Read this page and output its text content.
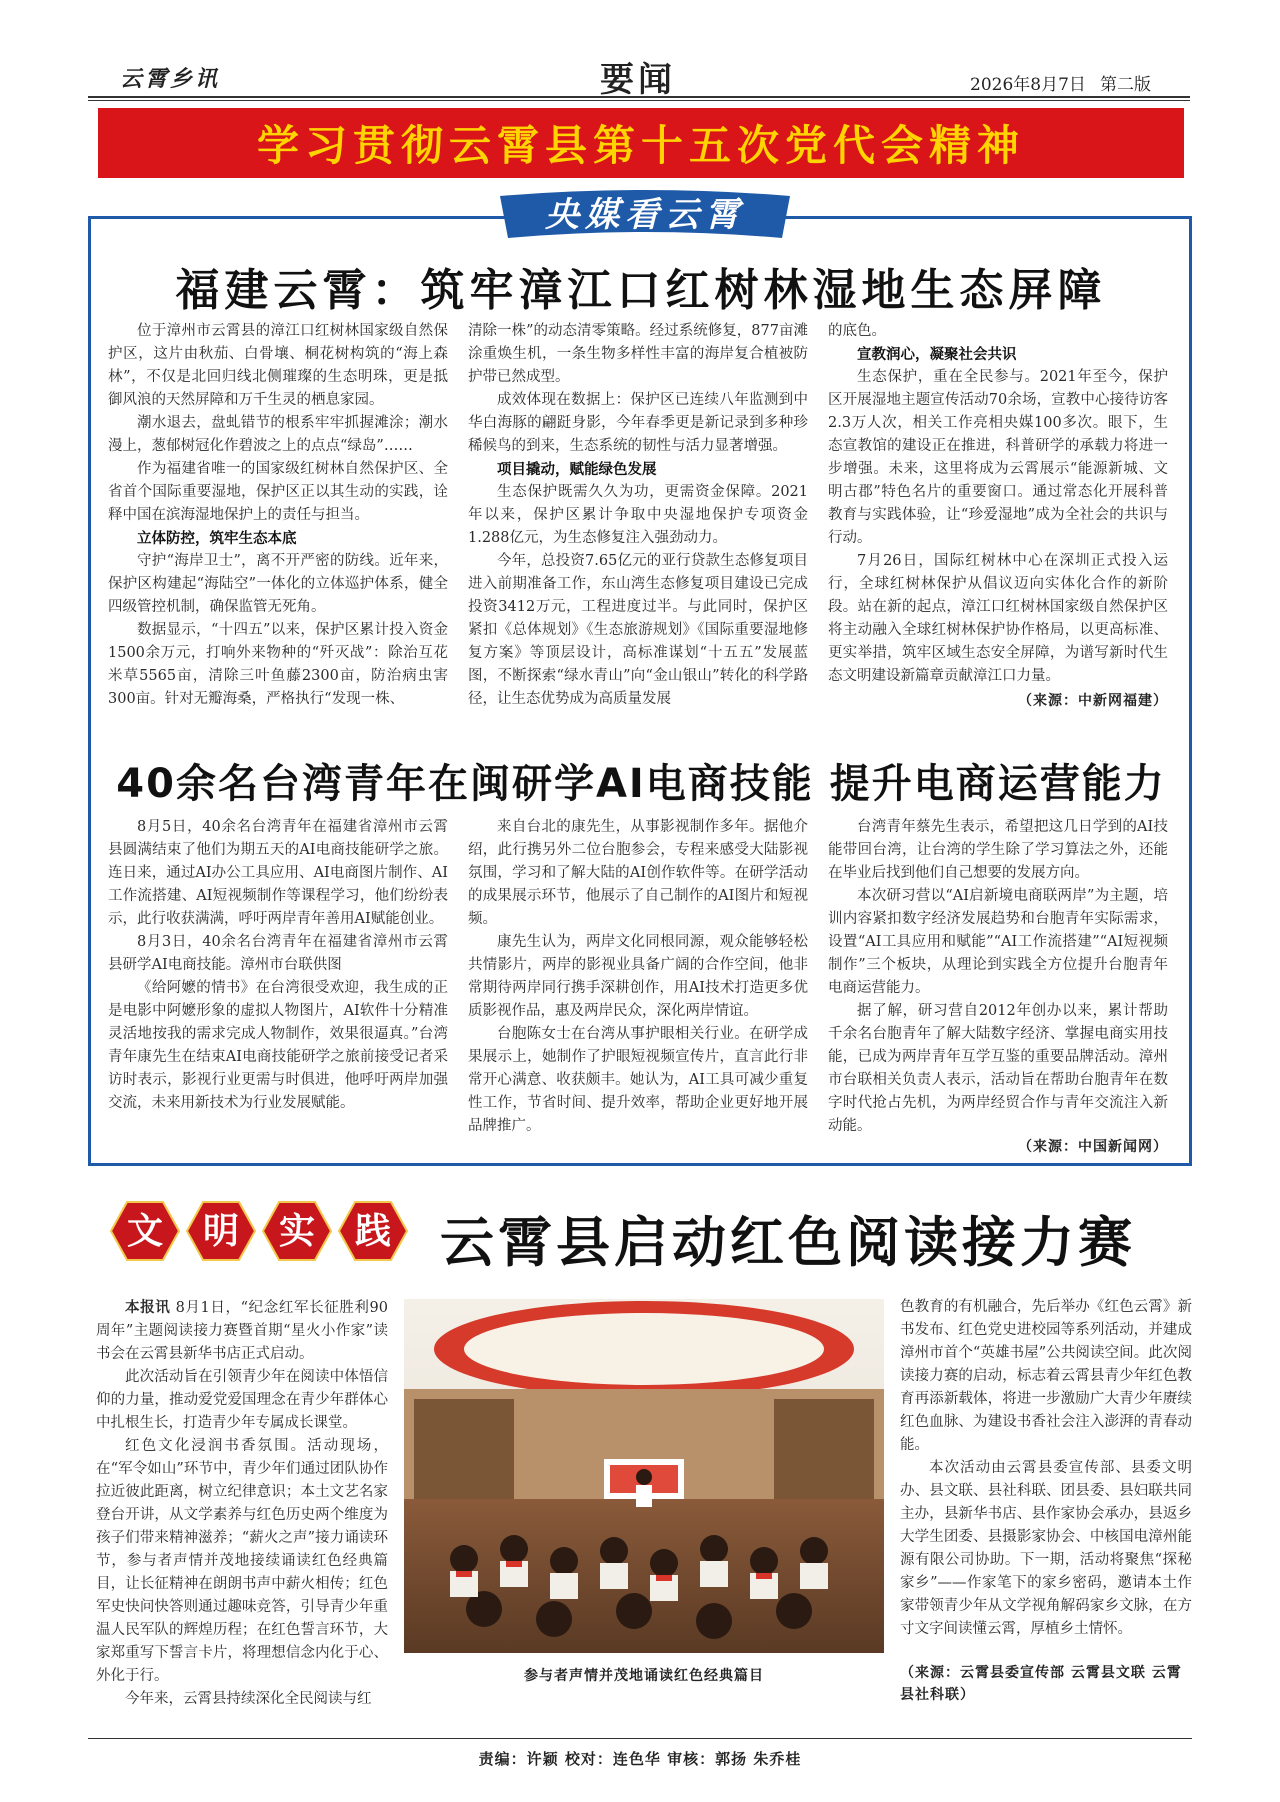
云霄乡讯	要闻	2026年8月7日 第二版
学习贯彻云霄县第十五次党代会精神
央媒看云霄
福建云霄：筑牢漳江口红树林湿地生态屏障

位于漳州市云霄县的漳江口红树林国家级自然保护区，这片由秋茄、白骨壤、桐花树构筑的“海上森林”，不仅是北回归线北侧璀璨的生态明珠，更是抵御风浪的天然屏障和万千生灵的栖息家园。

潮水退去，盘虬错节的根系牢牢抓握滩涂；潮水漫上，葱郁树冠化作碧波之上的点点“绿岛”……

作为福建省唯一的国家级红树林自然保护区、全省首个国际重要湿地，保护区正以其生动的实践，诠释中国在滨海湿地保护上的责任与担当。

立体防控，筑牢生态本底

守护“海岸卫士”，离不开严密的防线。近年来，保护区构建起“海陆空”一体化的立体巡护体系，健全四级管控机制，确保监管无死角。

数据显示，“十四五”以来，保护区累计投入资金1500余万元，打响外来物种的“歼灭战”：除治互花米草5565亩，清除三叶鱼藤2300亩，防治病虫害300亩。针对无瓣海桑，严格执行“发现一株、

清除一株”的动态清零策略。经过系统修复，877亩滩涂重焕生机，一条生物多样性丰富的海岸复合植被防护带已然成型。

成效体现在数据上：保护区已连续八年监测到中华白海豚的翩跹身影，今年春季更是新记录到多种珍稀候鸟的到来，生态系统的韧性与活力显著增强。

项目撬动，赋能绿色发展

生态保护既需久久为功，更需资金保障。2021年以来，保护区累计争取中央湿地保护专项资金1.288亿元，为生态修复注入强劲动力。

今年，总投资7.65亿元的亚行贷款生态修复项目进入前期准备工作，东山湾生态修复项目建设已完成投资3412万元，工程进度过半。与此同时，保护区紧扣《总体规划》《生态旅游规划》《国际重要湿地修复方案》等顶层设计，高标准谋划“十五五”发展蓝图，不断探索“绿水青山”向“金山银山”转化的科学路径，让生态优势成为高质量发展

的底色。

宣教润心，凝聚社会共识

生态保护，重在全民参与。2021年至今，保护区开展湿地主题宣传活动70余场，宣教中心接待访客2.3万人次，相关工作亮相央媒100多次。眼下，生态宣教馆的建设正在推进，科普研学的承载力将进一步增强。未来，这里将成为云霄展示“能源新城、文明古郡”特色名片的重要窗口。通过常态化开展科普教育与实践体验，让“珍爱湿地”成为全社会的共识与行动。

7月26日，国际红树林中心在深圳正式投入运行，全球红树林保护从倡议迈向实体化合作的新阶段。站在新的起点，漳江口红树林国家级自然保护区将主动融入全球红树林保护协作格局，以更高标准、更实举措，筑牢区域生态安全屏障，为谱写新时代生态文明建设新篇章贡献漳江口力量。

（来源：中新网福建）
40余名台湾青年在闽研学AI电商技能 提升电商运营能力

8月5日，40余名台湾青年在福建省漳州市云霄县圆满结束了他们为期五天的AI电商技能研学之旅。连日来，通过AI办公工具应用、AI电商图片制作、AI工作流搭建、AI短视频制作等课程学习，他们纷纷表示，此行收获满满，呼吁两岸青年善用AI赋能创业。

8月3日，40余名台湾青年在福建省漳州市云霄县研学AI电商技能。漳州市台联供图

《给阿嬷的情书》在台湾很受欢迎，我生成的正是电影中阿嬷形象的虚拟人物图片，AI软件十分精准灵活地按我的需求完成人物制作，效果很逼真。”台湾青年康先生在结束AI电商技能研学之旅前接受记者采访时表示，影视行业更需与时俱进，他呼吁两岸加强交流，未来用新技术为行业发展赋能。

来自台北的康先生，从事影视制作多年。据他介绍，此行携另外二位台胞参会，专程来感受大陆影视氛围，学习和了解大陆的AI创作软件等。在研学活动的成果展示环节，他展示了自己制作的AI图片和短视频。

康先生认为，两岸文化同根同源，观众能够轻松共情影片，两岸的影视业具备广阔的合作空间，他非常期待两岸同行携手深耕创作，用AI技术打造更多优质影视作品，惠及两岸民众，深化两岸情谊。

台胞陈女士在台湾从事护眼相关行业。在研学成果展示上，她制作了护眼短视频宣传片，直言此行非常开心满意、收获颇丰。她认为，AI工具可减少重复性工作，节省时间、提升效率，帮助企业更好地开展品牌推广。

台湾青年蔡先生表示，希望把这几日学到的AI技能带回台湾，让台湾的学生除了学习算法之外，还能在毕业后找到他们自己想要的发展方向。

本次研习营以“AI启新境电商联两岸”为主题，培训内容紧扣数字经济发展趋势和台胞青年实际需求，设置“AI工具应用和赋能”“AI工作流搭建”“AI短视频制作”三个板块，从理论到实践全方位提升台胞青年电商运营能力。

据了解，研习营自2012年创办以来，累计帮助千余名台胞青年了解大陆数字经济、掌握电商实用技能，已成为两岸青年互学互鉴的重要品牌活动。漳州市台联相关负责人表示，活动旨在帮助台胞青年在数字时代抢占先机，为两岸经贸合作与青年交流注入新动能。

（来源：中国新闻网）
文	明	实	践 云霄县启动红色阅读接力赛

本报讯 8月1日，“纪念红军长征胜利90周年”主题阅读接力赛暨首期“星火小作家”读书会在云霄县新华书店正式启动。

此次活动旨在引领青少年在阅读中体悟信仰的力量，推动爱党爱国理念在青少年群体心中扎根生长，打造青少年专属成长课堂。

红色文化浸润书香氛围。活动现场，在“军令如山”环节中，青少年们通过团队协作拉近彼此距离，树立纪律意识；本土文艺名家登台开讲，从文学素养与红色历史两个维度为孩子们带来精神滋养；“薪火之声”接力诵读环节，参与者声情并茂地接续诵读红色经典篇目，让长征精神在朗朗书声中薪火相传；红色军史快问快答则通过趣味竞答，引导青少年重温人民军队的辉煌历程；在红色誓言环节，大家郑重写下誓言卡片，将理想信念内化于心、外化于行。

今年来，云霄县持续深化全民阅读与红

参与者声情并茂地诵读红色经典篇目

色教育的有机融合，先后举办《红色云霄》新书发布、红色党史进校园等系列活动，并建成漳州市首个“英雄书屋”公共阅读空间。此次阅读接力赛的启动，标志着云霄县青少年红色教育再添新载体，将进一步激励广大青少年赓续红色血脉、为建设书香社会注入澎湃的青春动能。

本次活动由云霄县委宣传部、县委文明办、县文联、县社科联、团县委、县妇联共同主办，县新华书店、县作家协会承办，县返乡大学生团委、县摄影家协会、中核国电漳州能源有限公司协助。下一期，活动将聚焦“探秘家乡”——作家笔下的家乡密码，邀请本土作家带领青少年从文学视角解码家乡文脉，在方寸文字间读懂云霄，厚植乡土情怀。

（来源：云霄县委宣传部 云霄县文联 云霄县社科联）
责编：许颖 校对：连色华 审核：郭扬 朱乔桂
